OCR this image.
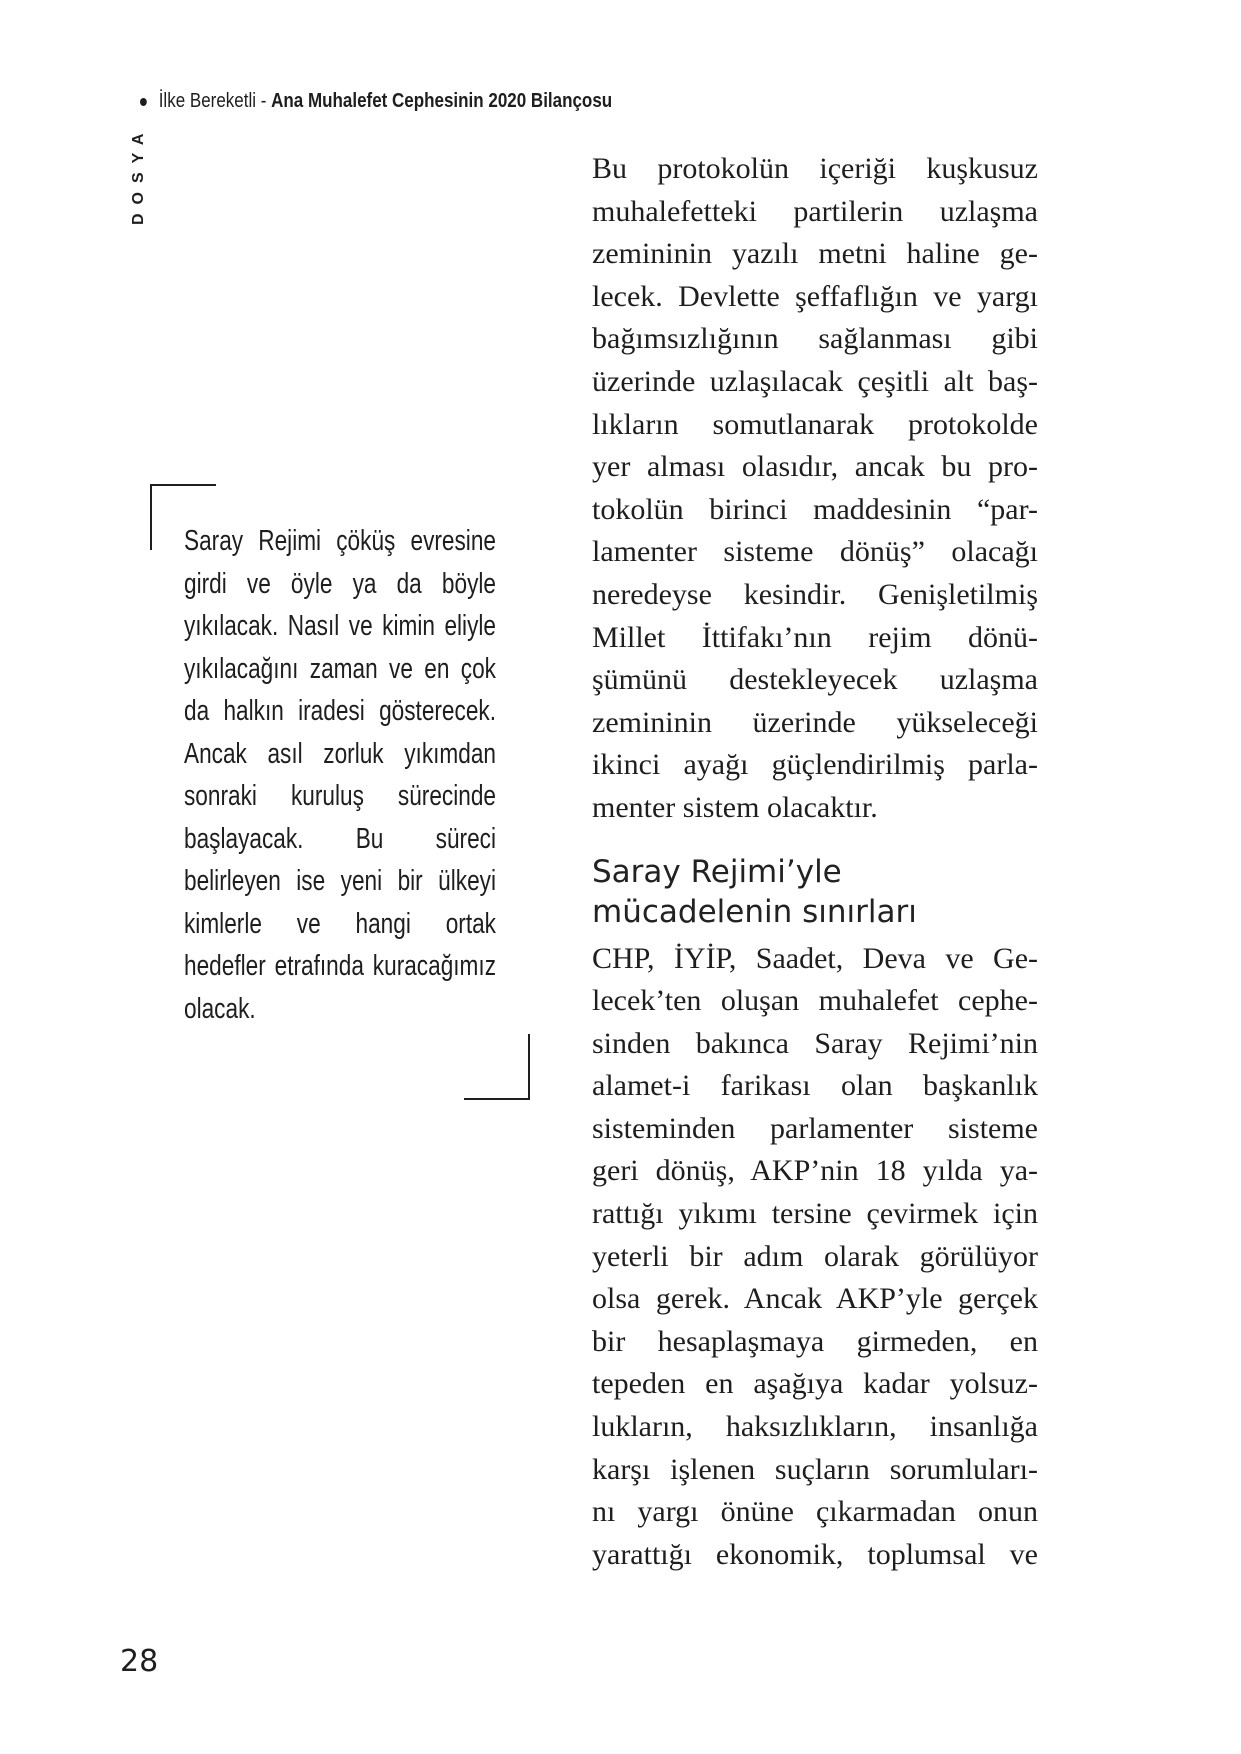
İlke Bereketli - Ana Muhalefet Cephesinin 2020 Bilançosu
DOSYA
Saray Rejimi çöküş evresine girdi ve öyle ya da böyle yıkılacak. Nasıl ve kimin eliyle yıkılacağını zaman ve en çok da halkın iradesi gösterecek. Ancak asıl zorluk yıkımdan sonraki kuruluş sürecinde başlayacak. Bu süreci belirleyen ise yeni bir ülkeyi kimlerle ve hangi ortak hedefler etrafında kuracağımız olacak.

Bu protokolün içeriği kuşkusuz
muhalefetteki partilerin uzlaşma
zemininin yazılı metni haline ge-
lecek. Devlette şeffaflığın ve yargı
bağımsızlığının sağlanması gibi
üzerinde uzlaşılacak çeşitli alt baş-
lıkların somutlanarak protokolde
yer alması olasıdır, ancak bu pro-
tokolün birinci maddesinin “par-
lamenter sisteme dönüş” olacağı
neredeyse kesindir. Genişletilmiş
Millet İttifakı’nın rejim dönü-
şümünü destekleyecek uzlaşma
zemininin üzerinde yükseleceği
ikinci ayağı güçlendirilmiş parla-
menter sistem olacaktır.

Saray Rejimi’yle
mücadelenin sınırları

CHP, İYİP, Saadet, Deva ve Ge-
lecek’ten oluşan muhalefet cephe-
sinden bakınca Saray Rejimi’nin
alamet-i farikası olan başkanlık
sisteminden parlamenter sisteme
geri dönüş, AKP’nin 18 yılda ya-
rattığı yıkımı tersine çevirmek için
yeterli bir adım olarak görülüyor
olsa gerek. Ancak AKP’yle gerçek
bir hesaplaşmaya girmeden, en
tepeden en aşağıya kadar yolsuz-
lukların, haksızlıkların, insanlığa
karşı işlenen suçların sorumluları-
nı yargı önüne çıkarmadan onun
yarattığı ekonomik, toplumsal ve

28
